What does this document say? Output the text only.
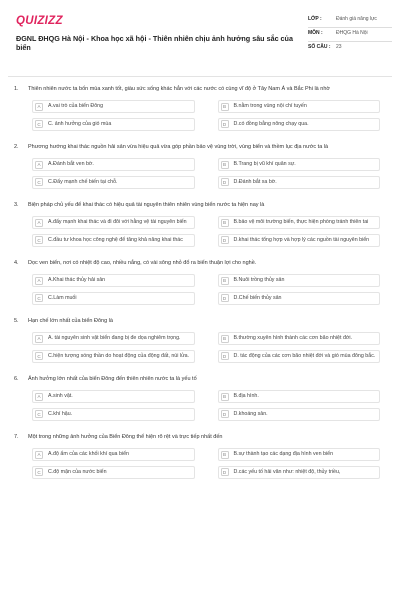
QUIZIZZ
ĐGNL ĐHQG Hà Nội - Khoa học xã hội - Thiên nhiên chịu ảnh hưởng sâu sắc của biển
LỚP :	Đánh giá năng lực
MÔN :	ĐHQG Hà Nội
SỐ CÂU :	23
1.	Thiên nhiên nước ta bốn mùa xanh tốt, giàu sức sống khác hẳn với các nước có cùng vĩ độ ở Tây Nam Á và Bắc Phi là nhờ
A	A.vai trò của biển Đông	B	B.nằm trong vùng nội chí tuyến
C	C. ảnh hưởng của gió mùa	D	D.có đồng bằng nông chạy qua.
2.	Phương hướng khai thác nguồn hải sản vừa hiệu quả vừa góp phần bảo vệ vùng trời, vùng biển và thềm lục địa nước ta là
A	A.Đánh bắt ven bờ.	B	B.Trang bị vũ khí quân sự.
C	C.Đẩy mạnh chế biến tại chỗ.	D	D.Đánh bắt xa bờ.
3.	Biện pháp chủ yếu để khai thác có hiệu quả tài nguyên thiên nhiên vùng biển nước ta hiện nay là
A	A.đẩy mạnh khai thác và đi đôi với hằng vệ tài nguyên biển	B	B.bảo vệ môi trường biển, thực hiện phòng tránh thiên tai
C	C.đầu tư khoa học công nghệ để tăng khả năng khai thác	D	D.khai thác tổng hợp và hợp lý các nguồn tài nguyên biển
4.	Dọc ven biển, nơi có nhiệt độ cao, nhiều nắng, có vài sông nhỏ đổ ra biển thuận lợi cho nghề.
A	A.Khai thác thủy hải sản	B	B.Nuôi trồng thủy sản
C	C.Làm muối	D	D.Chế biến thủy sản
5.	Hạn chế lớn nhất của biển Đông là
A	A. tài nguyên sinh vật biển đang bị đe dọa nghiêm trọng.	B	B.thường xuyên hình thành các cơn bão nhiệt đới.
C	C.hiện tượng sóng thần do hoạt động của động đất, núi lửa.	D	D. tác động của các cơn bão nhiệt đới và gió mùa đông bắc.
6.	Ảnh hưởng lớn nhất của biển Đông đến thiên nhiên nước ta là yếu tố
A	A.sinh vật.	B	B.địa hình.
C	C.khí hậu.	D	D.khoáng sản.
7.	Một trong những ảnh hưởng của Biển Đông thể hiện rõ rệt và trực tiếp nhất đến
A	A.độ ẩm của các khối khí qua biển	B	B.sự thành tạo các dạng địa hình ven biển
C	C.độ mặn của nước biển	D	D.các yếu tố hải văn như: nhiệt độ, thủy triều,
